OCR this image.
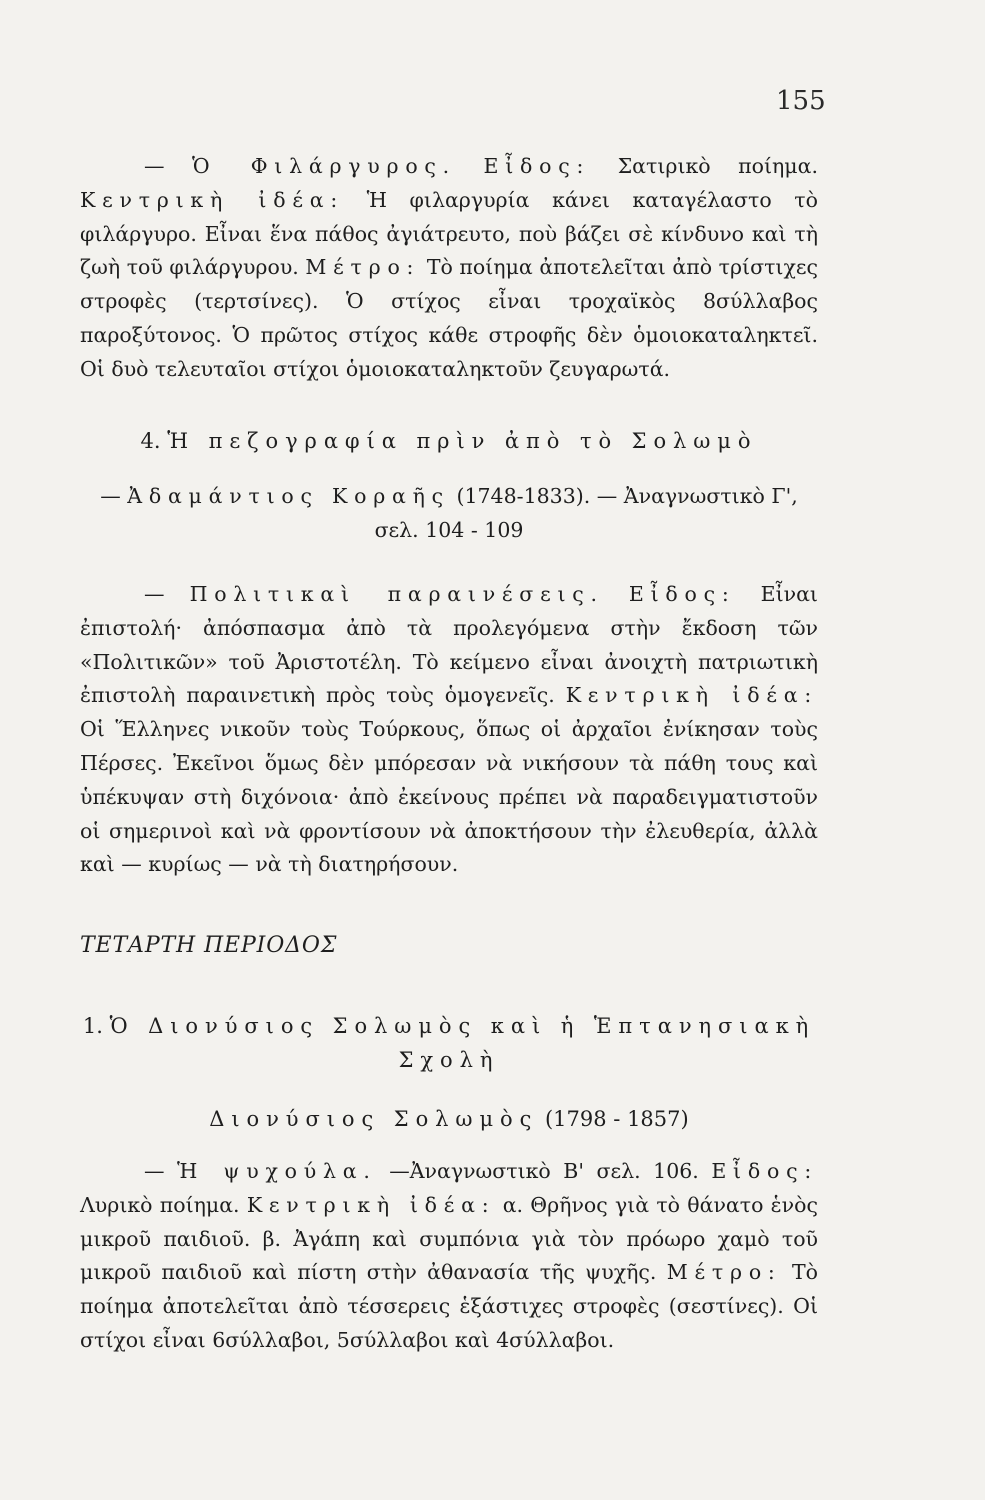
155
— Ὁ Φιλάργυρος. Εἶδος: Σατιρικὸ ποίημα. Κεντρικὴ ἰδέα: Ἡ φιλαργυρία κάνει καταγέλαστο τὸ φιλάργυρο. Εἶναι ἕνα πάθος ἀγιάτρευτο, ποὺ βάζει σὲ κίνδυνο καὶ τὴ ζωὴ τοῦ φιλάργυρου. Μέτρο: Τὸ ποίημα ἀποτελεῖται ἀπὸ τρίστιχες στροφὲς (τερτσίνες). Ὁ στίχος εἶναι τροχαϊκὸς 8σύλλαβος παροξύτονος. Ὁ πρῶτος στίχος κάθε στροφῆς δὲν ὁμοιοκαταληκτεῖ. Οἱ δυὸ τελευταῖοι στίχοι ὁμοιοκαταληκτοῦν ζευγαρωτά.
4. Ἡ πεζογραφία πρὶν ἀπὸ τὸ Σολωμὸ
— Ἀδαμάντιος Κοραῆς (1748-1833). — Ἀναγνωστικὸ Γ', σελ. 104 - 109
— Πολιτικαὶ παραινέσεις. Εἶδος: Εἶναι ἐπιστολή· ἀπόσπασμα ἀπὸ τὰ προλεγόμενα στὴν ἔκδοση τῶν «Πολιτικῶν» τοῦ Ἀριστοτέλη. Τὸ κείμενο εἶναι ἀνοιχτὴ πατριωτικὴ ἐπιστολὴ παραινετικὴ πρὸς τοὺς ὁμογενεῖς. Κεντρικὴ ἰδέα: Οἱ Ἕλληνες νικοῦν τοὺς Τούρκους, ὅπως οἱ ἀρχαῖοι ἐνίκησαν τοὺς Πέρσες. Ἐκεῖνοι ὅμως δὲν μπόρεσαν νὰ νικήσουν τὰ πάθη τους καὶ ὑπέκυψαν στὴ διχόνοια· ἀπὸ ἐκείνους πρέπει νὰ παραδειγματιστοῦν οἱ σημερινοὶ καὶ νὰ φροντίσουν νὰ ἀποκτήσουν τὴν ἐλευθερία, ἀλλὰ καὶ — κυρίως — νὰ τὴ διατηρήσουν.
ΤΕΤΑΡΤΗ ΠΕΡΙΟΔΟΣ
1. Ὁ Διονύσιος Σολωμὸς καὶ ἡ Ἑπτανησιακὴ
Σχολὴ
Διονύσιος Σολωμὸς (1798 - 1857)
— Ἡ ψυχούλα. —Ἀναγνωστικὸ Β' σελ. 106. Εἶδος: Λυρικὸ ποίημα. Κεντρικὴ ἰδέα: α. Θρῆνος γιὰ τὸ θάνατο ἑνὸς μικροῦ παιδιοῦ. β. Ἀγάπη καὶ συμπόνια γιὰ τὸν πρόωρο χαμὸ τοῦ μικροῦ παιδιοῦ καὶ πίστη στὴν ἀθανασία τῆς ψυχῆς. Μέτρο: Τὸ ποίημα ἀποτελεῖται ἀπὸ τέσσερεις ἑξάστιχες στροφὲς (σεστίνες). Οἱ στίχοι εἶναι 6σύλλαβοι, 5σύλλαβοι καὶ 4σύλλαβοι.
